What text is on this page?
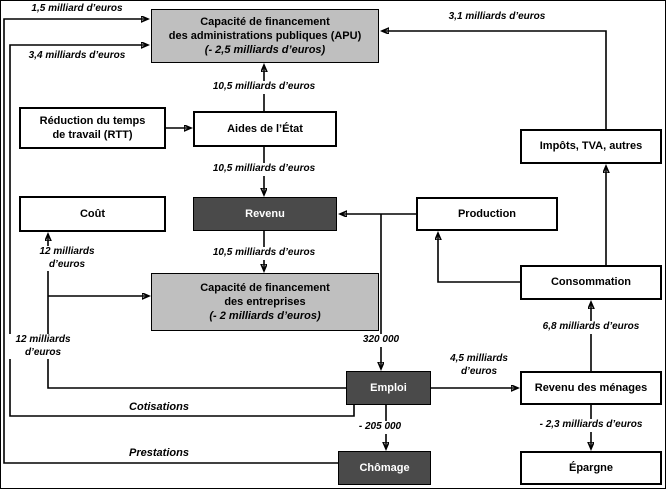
Capacité de financement
des administrations publiques (APU)
(- 2,5 milliards d’euros)
Réduction du temps
de travail (RTT)
Aides de l’État
Coût	Revenu	Production
Impôts, TVA, autres
Consommation
Capacité de financement
des entreprises
(- 2 milliards d’euros)
Emploi	Revenu des ménages
Chômage	Épargne
1,5 milliard d’euros
3,4 milliards d’euros
3,1 milliards d’euros
10,5 milliards d’euros
10,5 milliards d’euros
10,5 milliards d’euros
12 milliards d’euros
12 milliards d’euros
320 000
4,5 milliards d’euros
Cotisations
- 205 000
Prestations
6,8 milliards d’euros
- 2,3 milliards d’euros
